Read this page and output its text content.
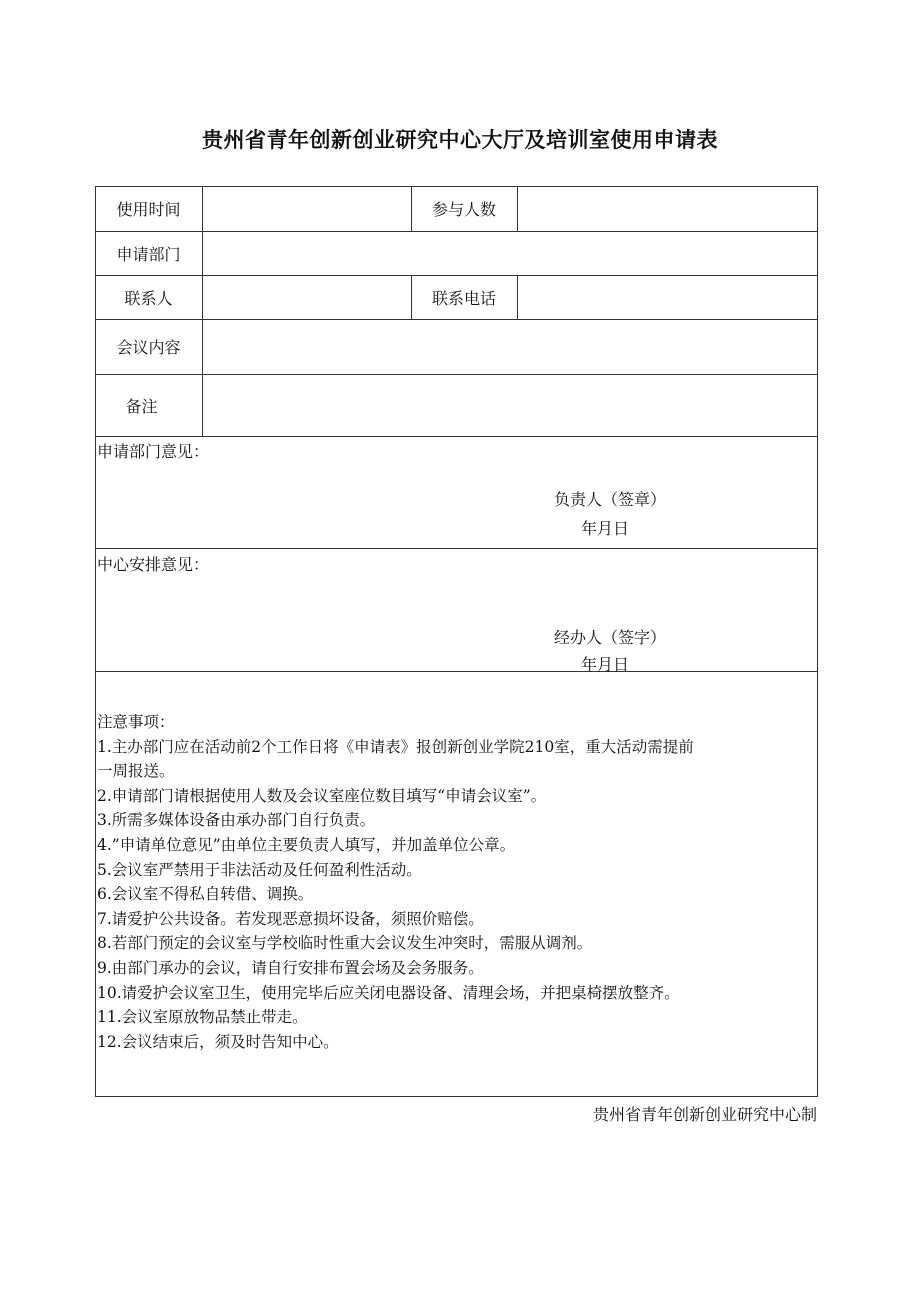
贵州省青年创新创业研究中心大厅及培训室使用申请表
使用时间	参与人数
申请部门
联系人	联系电话
会议内容
备注
申请部门意见：
负责人（签章）
年月日
中心安排意见：
经办人（签字）
年月日
注意事项：
1.主办部门应在活动前2个工作日将《申请表》报创新创业学院210室，重大活动需提前
一周报送。
2.申请部门请根据使用人数及会议室座位数目填写“申请会议室”。
3.所需多媒体设备由承办部门自行负责。
4.”申请单位意见”由单位主要负责人填写，并加盖单位公章。
5.会议室严禁用于非法活动及任何盈利性活动。
6.会议室不得私自转借、调换。
7.请爱护公共设备。若发现恶意损坏设备，须照价赔偿。
8.若部门预定的会议室与学校临时性重大会议发生冲突时，需服从调剂。
9.由部门承办的会议，请自行安排布置会场及会务服务。
10.请爱护会议室卫生，使用完毕后应关闭电器设备、清理会场，并把桌椅摆放整齐。
11.会议室原放物品禁止带走。
12.会议结束后，须及时告知中心。
贵州省青年创新创业研究中心制
